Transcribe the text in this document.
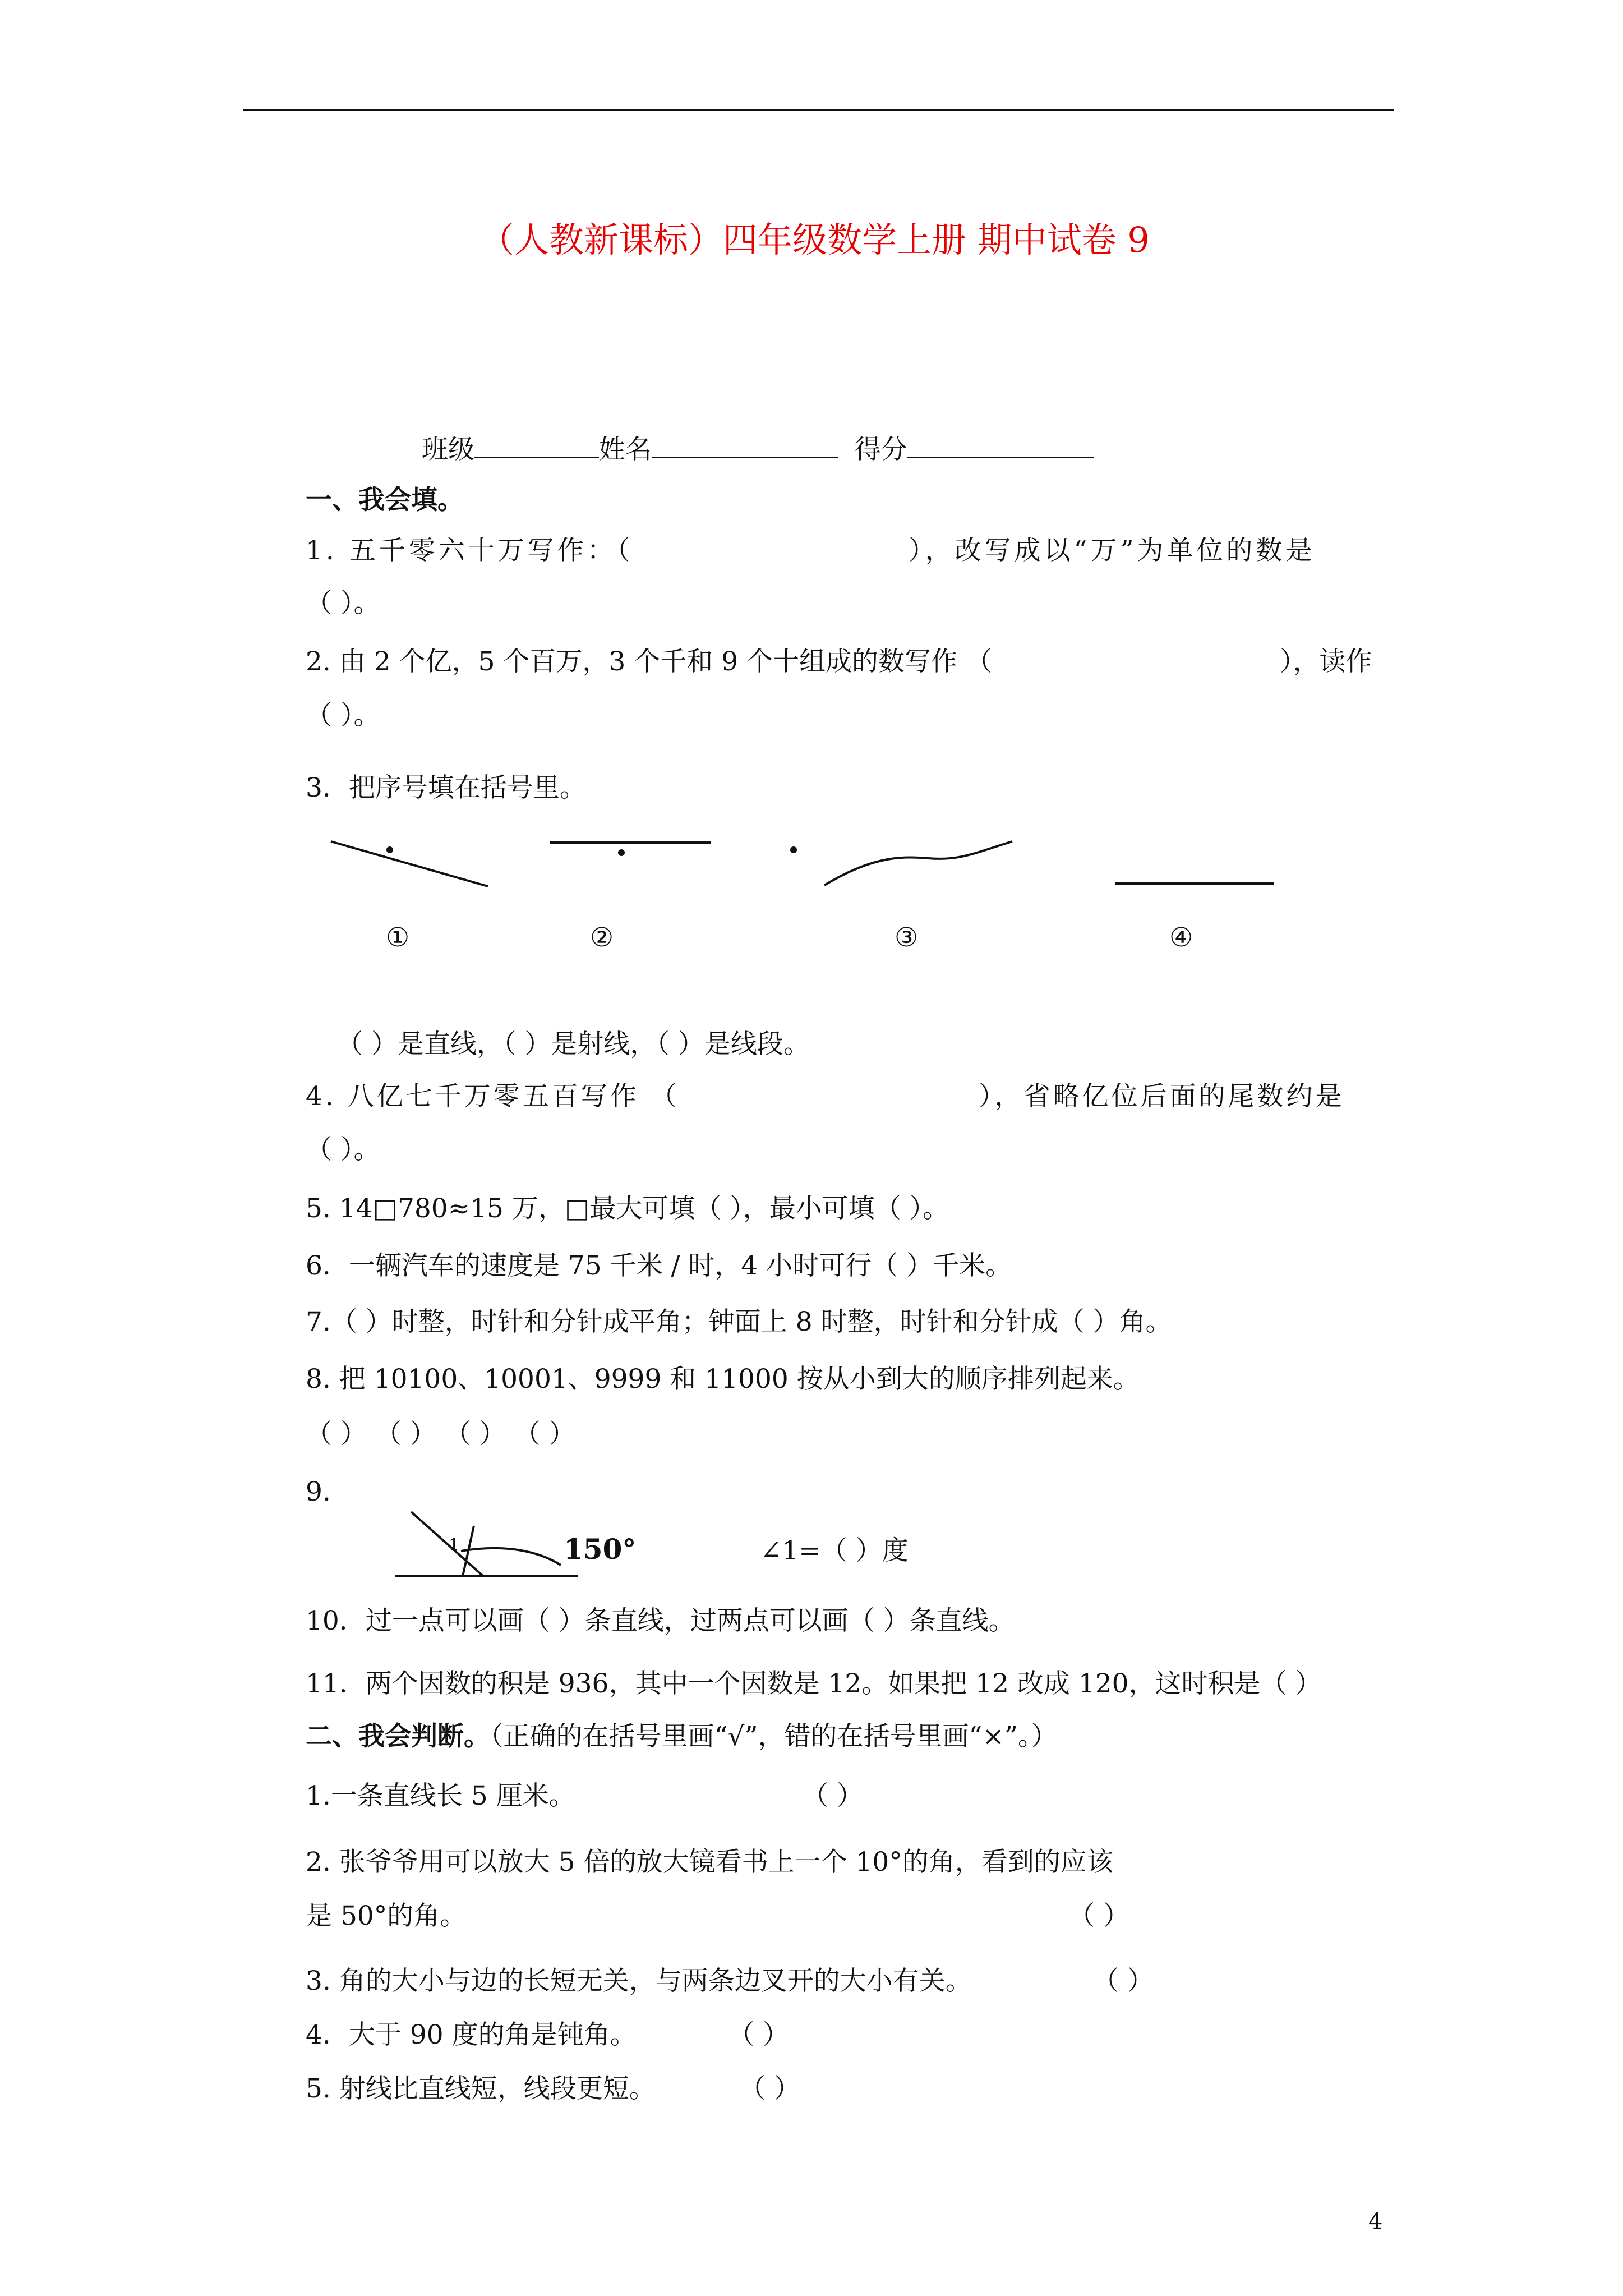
（人教新课标）四年级数学上册 期中试卷 9
班级	姓名	得分
一、我会填。
1. 五千零六十万写作：（	），改写成以“万”为单位的数是
（ ）。
2. 由 2 个亿，5 个百万，3 个千和 9 个十组成的数写作 （	），读作
（ ）。
3．把序号填在括号里。
①	②	③	④
（ ）是直线，（ ）是射线，（ ）是线段。
4. 八亿七千万零五百写作 （	），省略亿位后面的尾数约是
（ ）。
5. 14□780≈15 万，□最大可填（ ），最小可填（ ）。
6．一辆汽车的速度是 75 千米 / 时，4 小时可行（ ）千米。
7.（ ）时整，时针和分针成平角；钟面上 8 时整，时针和分针成（ ）角。
8. 把 10100、10001、9999 和 11000 按从小到大的顺序排列起来。
（ ） （ ） （ ） （ ）
9.
1	150°	∠1=（ ）度
10．过一点可以画（ ）条直线，过两点可以画（ ）条直线。
11．两个因数的积是 936，其中一个因数是 12。如果把 12 改成 120，这时积是（ ）
二、我会判断。（正确的在括号里画“√”，错的在括号里画“×”。）
1.一条直线长 5 厘米。	（ ）
2. 张爷爷用可以放大 5 倍的放大镜看书上一个 10°的角，看到的应该
是 50°的角。	（ ）
3. 角的大小与边的长短无关，与两条边叉开的大小有关。	（ ）
4．大于 90 度的角是钝角。	（ ）
5. 射线比直线短，线段更短。	（ ）
4
